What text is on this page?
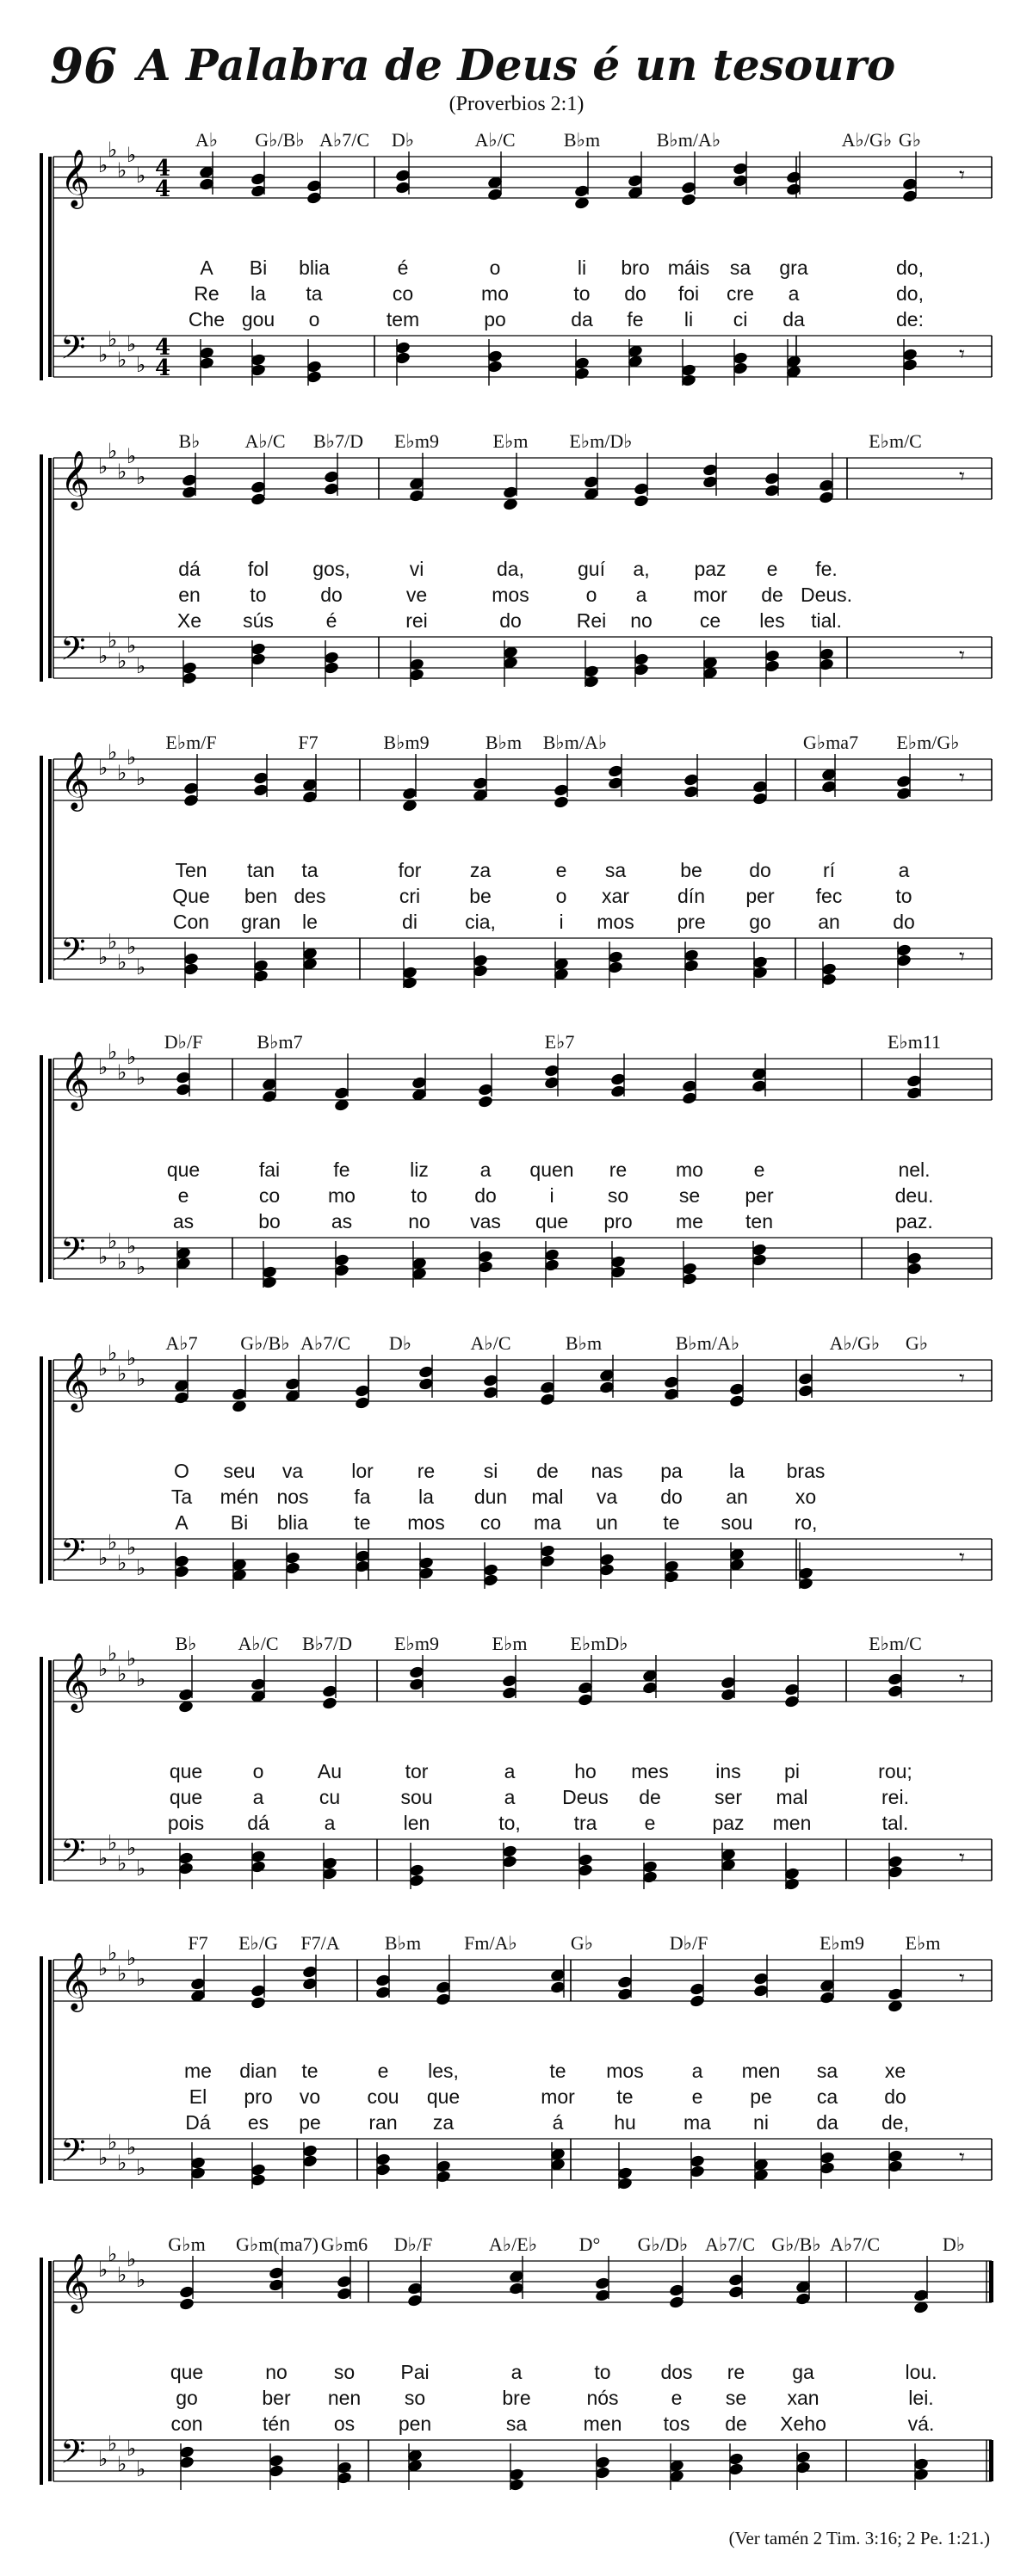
96 A Palabra de Deus é un tesouro
(Proverbios 2:1)
𝄞
𝄢
♭
♭
♭
♭
♭
♭
♭
♭
♭
♭
4
4
4
4
𝄾
𝄾
A♭ G♭/B♭ A♭7/C D♭	A♭/C	B♭m	B♭m/A♭	A♭/G♭ G♭
A Bi blia	é	o	li bro máis sa gra	do,
Re la ta	co	mo	to do foi cre a	do,
Che gou o	tem	po	da fe li ci da	de:
𝄞
𝄢
♭
♭
♭
♭
♭
♭
♭
♭
♭
♭
𝄾
𝄾
B♭ A♭/C B♭7/D E♭m9	E♭m E♭m/D♭	E♭m/C
dá fol gos,	vi	da,	guí a, paz e fe.
en	to	do	ve	mos	o a mor de Deus.
Xe sús	é	rei	do	Rei no ce les tial.
𝄞
𝄢
♭
♭
♭
♭
♭
♭
♭
♭
♭
♭
𝄾
𝄾
E♭m/F	F7	B♭m9	B♭m B♭m/A♭	G♭ma7 E♭m/G♭
Ten tan ta	for za	e sa	be do	rí	a
Que ben des	cri be	o xar dín per fec	to
Con gran le	di cia,	i mos pre go an	do
𝄞
𝄢
♭
♭
♭
♭
♭
♭
♭
♭
♭
♭
D♭/F	B♭m7	E♭7	E♭m11
que	fai	fe	liz	a quen re mo	e	nel.
e	co mo	to do	i	so	se per	deu.
as	bo	as	no vas que pro me ten	paz.
𝄞
𝄢
♭
♭
♭
♭
♭
♭
♭
♭
♭
♭
𝄾
𝄾
A♭7 G♭/B♭ A♭7/C D♭	A♭/C	B♭m	B♭m/A♭	A♭/G♭ G♭
O seu va lor re si de nas pa la bras
Ta mén nos fa la dun mal va do an xo
A Bi blia te mos co ma un te sou ro,
𝄞
𝄢
♭
♭
♭
♭
♭
♭
♭
♭
♭
♭
𝄾
𝄾
B♭ A♭/C B♭7/D E♭m9	E♭m E♭mD♭	E♭m/C
que	o	Au	tor	a	ho mes ins pi	rou;
que	a	cu	sou	a Deus de	ser mal	rei.
pois dá	a	len	to,	tra e	paz men	tal.
𝄞
𝄢
♭
♭
♭
♭
♭
♭
♭
♭
♭
♭
𝄾
𝄾
F7 E♭/G F7/A B♭m Fm/A♭	G♭	D♭/F	E♭m9 E♭m
me dian te	e les,	te mos a men sa xe
El pro vo cou que	mor te	e pe ca do
Dá es pe ran za	á	hu ma ni da de,
𝄞
𝄢
♭
♭
♭
♭
♭
♭
♭
♭
♭
♭
G♭m G♭m(ma7) G♭m6 D♭/F	A♭/E♭ D° G♭/D♭ A♭7/C G♭/B♭ A♭7/C	D♭
que	no so Pai	a	to	dos re ga	lou.
go	ber nen so	bre	nós	e se xan	lei.
con	tén os pen	sa	men tos de Xeho	vá.
(Ver tamén 2 Tim. 3:16; 2 Pe. 1:21.)
